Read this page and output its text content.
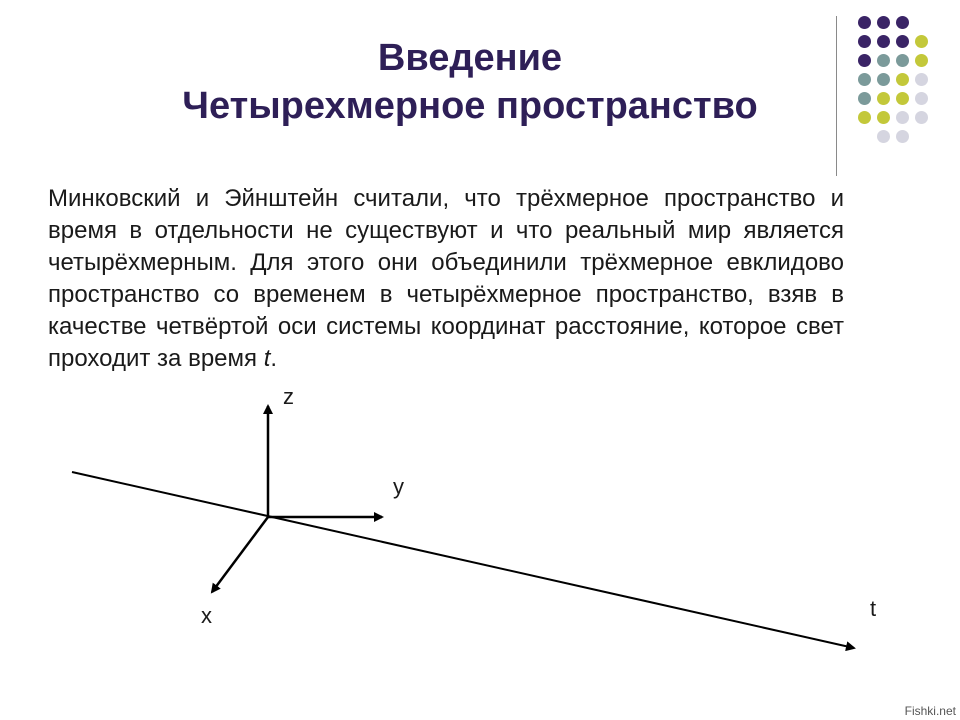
Введение
Четырехмерное пространство
Минковский и Эйнштейн считали, что трёхмерное пространство и время в отдельности не существуют и что реальный мир является четырёхмерным. Для этого они объединили трёхмерное евклидово пространство со временем в четырёхмерное пространство, взяв в качестве четвёртой оси системы координат расстояние, которое свет проходит за время t.
z
y
x	t
Fishki.net
